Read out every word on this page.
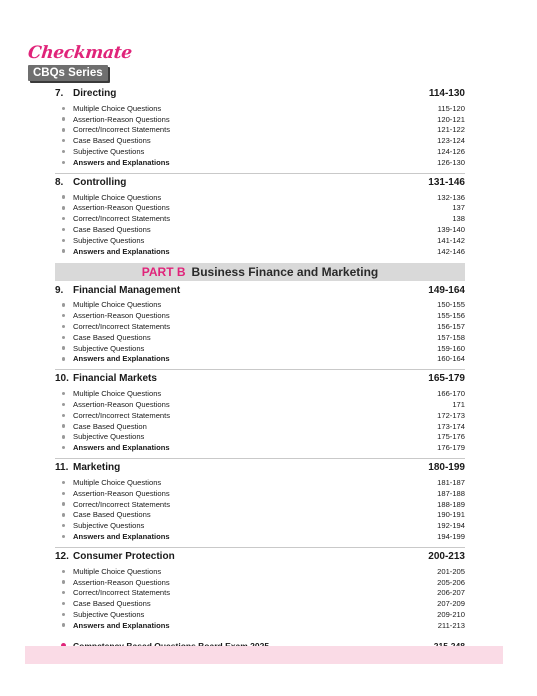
Checkmate
CBQs Series
7. Directing	114-130
Multiple Choice Questions	115-120
Assertion-Reason Questions	120-121
Correct/Incorrect Statements	121-122
Case Based Questions	123-124
Subjective Questions	124-126
Answers and Explanations	126-130
8. Controlling	131-146
Multiple Choice Questions	132-136
Assertion-Reason Questions	137
Correct/Incorrect Statements	138
Case Based Questions	139-140
Subjective Questions	141-142
Answers and Explanations	142-146
PART B Business Finance and Marketing
9. Financial Management	149-164
Multiple Choice Questions	150-155
Assertion-Reason Questions	155-156
Correct/Incorrect Statements	156-157
Case Based Questions	157-158
Subjective Questions	159-160
Answers and Explanations	160-164
10. Financial Markets	165-179
Multiple Choice Questions	166-170
Assertion-Reason Questions	171
Correct/Incorrect Statements	172-173
Case Based Question	173-174
Subjective Questions	175-176
Answers and Explanations	176-179
11. Marketing	180-199
Multiple Choice Questions	181-187
Assertion-Reason Questions	187-188
Correct/Incorrect Statements	188-189
Case Based Questions	190-191
Subjective Questions	192-194
Answers and Explanations	194-199
12. Consumer Protection	200-213
Multiple Choice Questions	201-205
Assertion-Reason Questions	205-206
Correct/Incorrect Statements	206-207
Case Based Questions	207-209
Subjective Questions	209-210
Answers and Explanations	211-213
